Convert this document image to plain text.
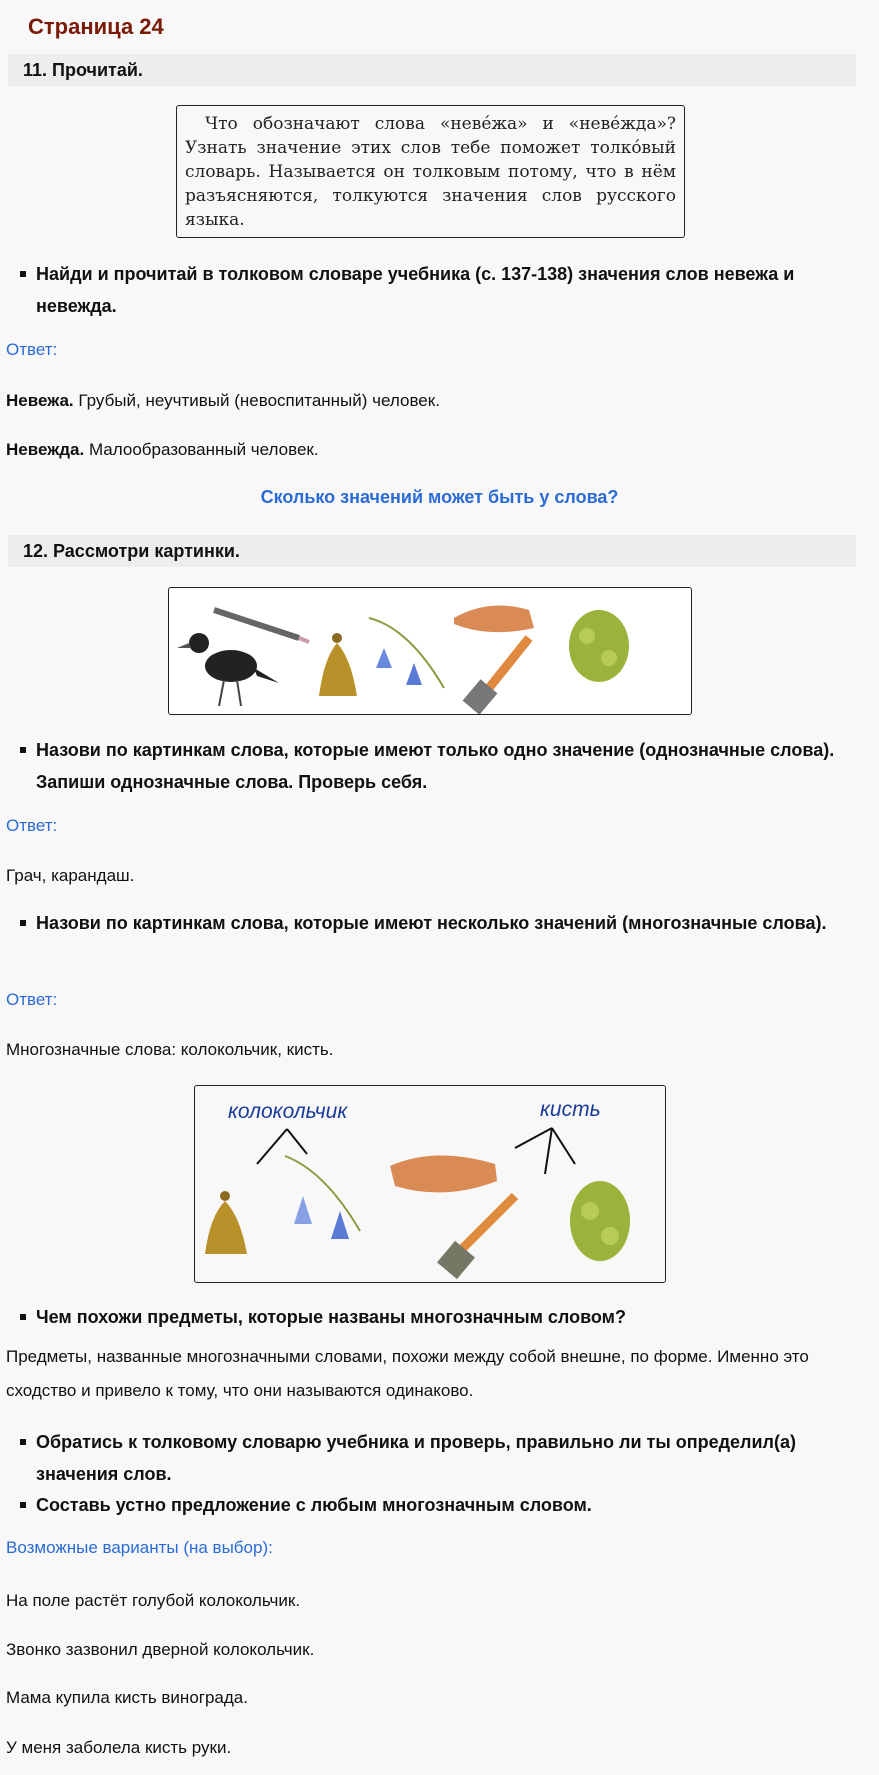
Страница 24
11. Прочитай.
Что обозначают слова «невéжа» и «невéжда»? Узнать значение этих слов тебе поможет толкóвый словарь. Называется он толковым потому, что в нём разъясняются, толкуются значения слов русского языка.
Найди и прочитай в толковом словаре учебника (с. 137-138) значения слов невежа и невежда.
Ответ:
Невежа. Грубый, неучтивый (невоспитанный) человек.
Невежда. Малообразованный человек.
Сколько значений может быть у слова?
12. Рассмотри картинки.
Назови по картинкам слова, которые имеют только одно значение (однозначные слова). Запиши однозначные слова. Проверь себя.
Ответ:
Грач, карандаш.
Назови по картинкам слова, которые имеют несколько значений (многозначные слова).
Ответ:
Многозначные слова: колокольчик, кисть.
колокольчик	кисть
Чем похожи предметы, которые названы многозначным словом?
Предметы, названные многозначными словами, похожи между собой внешне, по форме. Именно это сходство и привело к тому, что они называются одинаково.
Обратись к толковому словарю учебника и проверь, правильно ли ты определил(а) значения слов.
Составь устно предложение с любым многозначным словом.
Возможные варианты (на выбор):
На поле растёт голубой колокольчик.
Звонко зазвонил дверной колокольчик.
Мама купила кисть винограда.
У меня заболела кисть руки.
